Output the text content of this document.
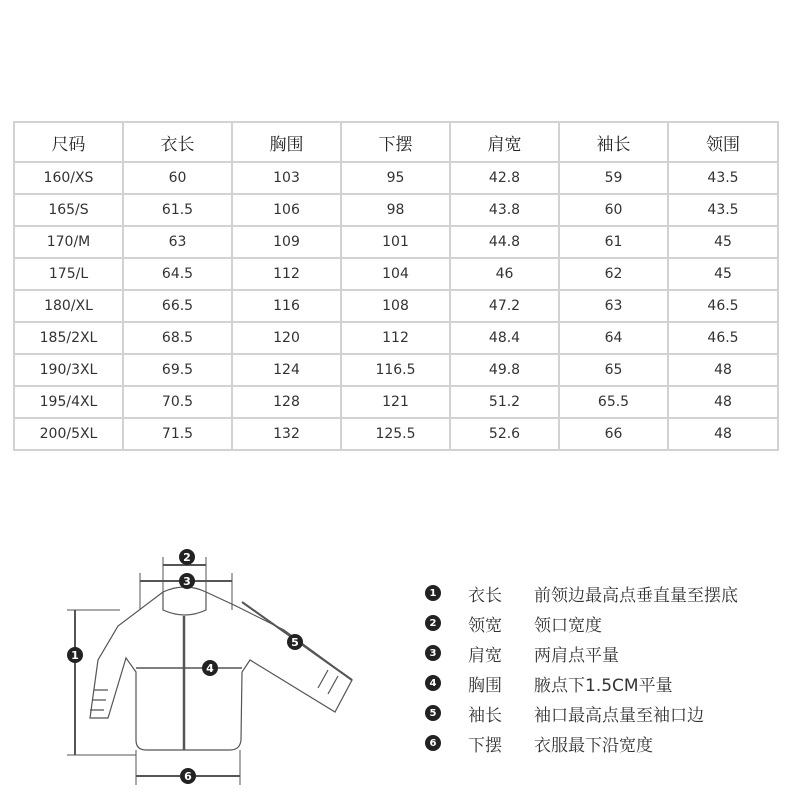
尺码	衣长	胸围	下摆	肩宽	袖长	领围
160/XS	60	103	95	42.8	59	43.5
165/S	61.5	106	98	43.8	60	43.5
170/M	63	109	101	44.8	61	45
175/L	64.5	112	104	46	62	45
180/XL	66.5	116	108	47.2	63	46.5
185/2XL	68.5	120	112	48.4	64	46.5
190/3XL	69.5	124	116.5	49.8	65	48
195/4XL	70.5	128	121	51.2	65.5	48
200/5XL	71.5	132	125.5	52.6	66	48
1
2
3
4
5
6
1 衣长	前领边最高点垂直量至摆底
2 领宽	领口宽度
3 肩宽	两肩点平量
4 胸围	腋点下1.5CM平量
5 袖长	袖口最高点量至袖口边
6 下摆	衣服最下沿宽度
